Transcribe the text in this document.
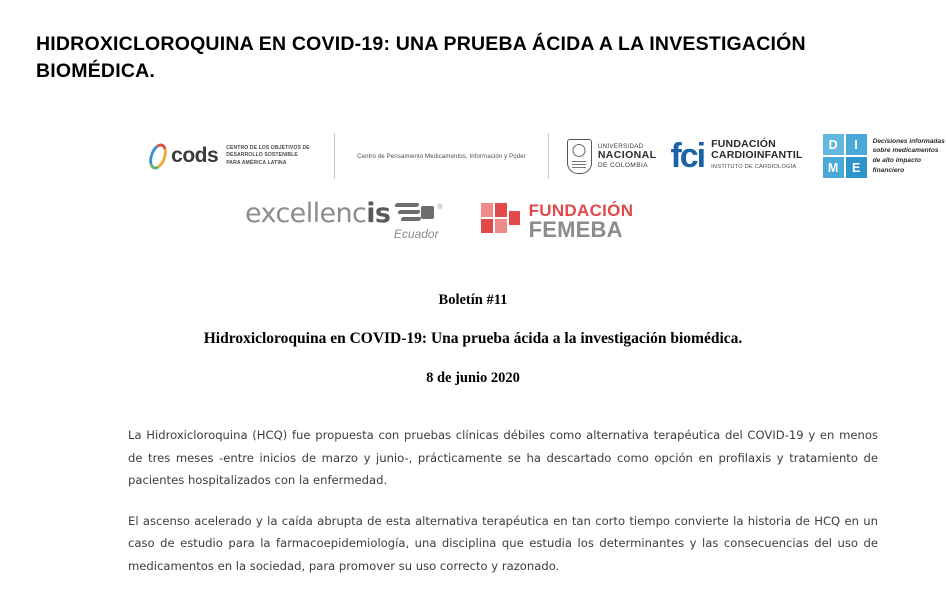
HIDROXICLOROQUINA EN COVID-19: UNA PRUEBA ÁCIDA A LA INVESTIGACIÓN BIOMÉDICA.
cods CENTRO DE LOS OBJETIVOS DE DESARROLLO SOSTENIBLE PARA AMÉRICA LATINA
Centro de Pensamiento Medicamentos, Información y Poder
UNIVERSIDAD
NACIONAL
DE COLOMBIA fci FUNDACIÓN
CARDIOINFANTIL
INSTITUTO DE CARDIOLOGÍA
D	I
M	E
Decisiones informadas
sobre medicamentos
de alto impacto financiero
excellencis	®
Ecuador
FUNDACIÓN
FEMEBA
Boletín #11
Hidroxicloroquina en COVID-19: Una prueba ácida a la investigación biomédica.
8 de junio 2020

La Hidroxicloroquina (HCQ) fue propuesta con pruebas clínicas débiles como alternativa terapéutica del COVID-19 y en menos de tres meses -entre inicios de marzo y junio-, prácticamente se ha descartado como opción en profilaxis y tratamiento de pacientes hospitalizados con la enfermedad.

El ascenso acelerado y la caída abrupta de esta alternativa terapéutica en tan corto tiempo convierte la historia de HCQ en un caso de estudio para la farmacoepidemiología, una disciplina que estudia los determinantes y las consecuencias del uso de medicamentos en la sociedad, para promover su uso correcto y razonado.
